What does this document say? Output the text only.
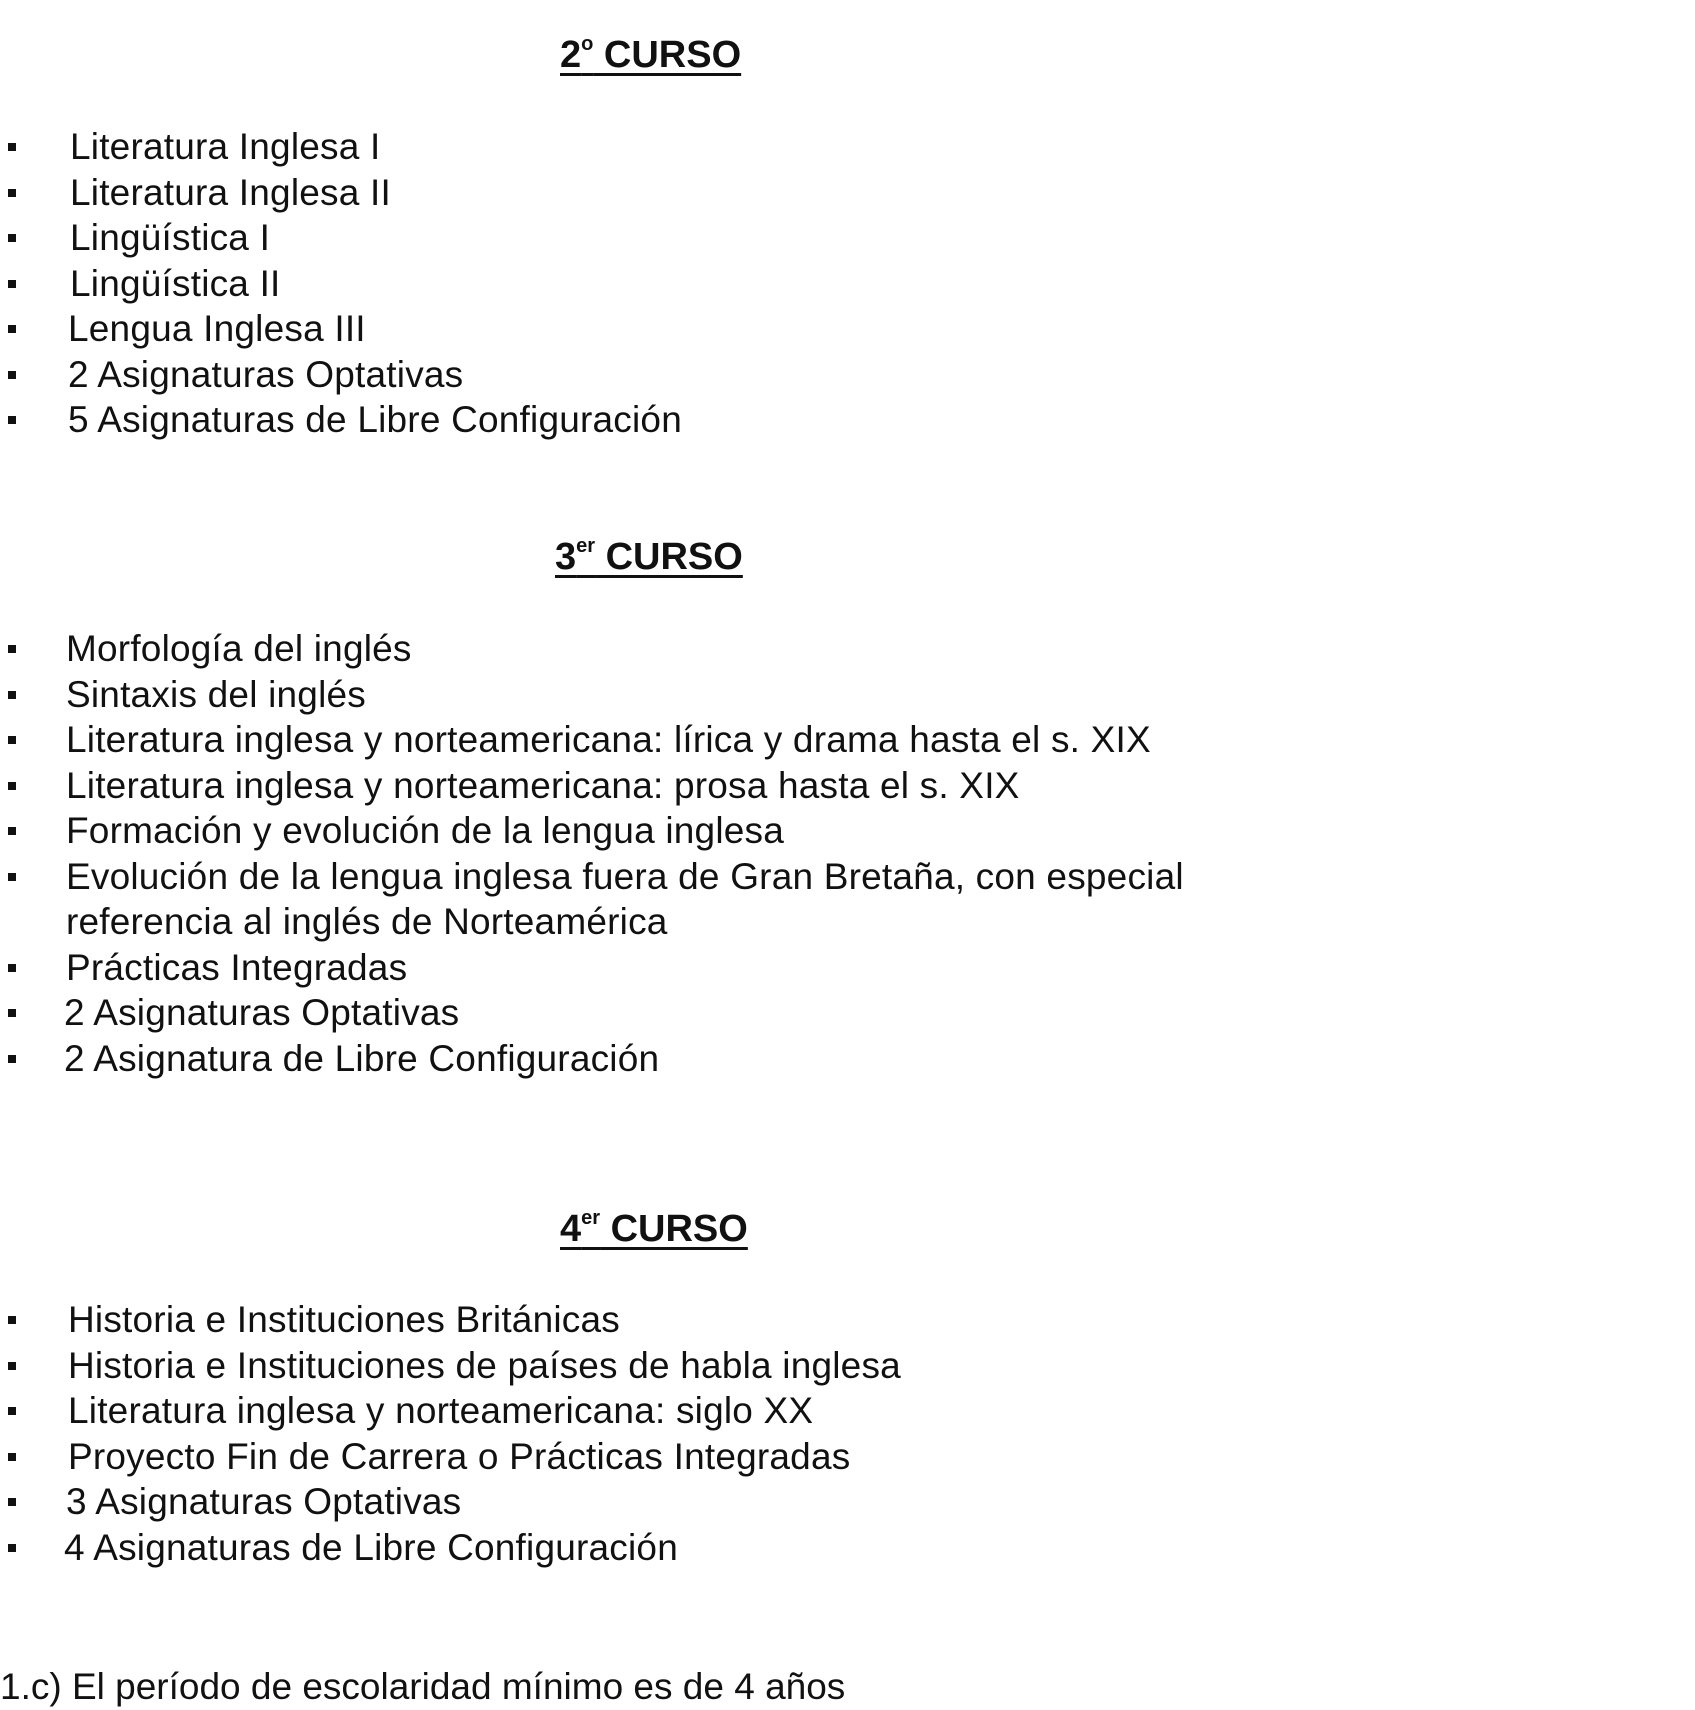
2$^o$ CURSO
Literatura Inglesa I
Literatura Inglesa II
Lingüística I
Lingüística II
Lengua Inglesa III
2 Asignaturas Optativas
5 Asignaturas de Libre Configuración
3er CURSO
Morfología del inglés
Sintaxis del inglés
Literatura inglesa y norteamericana: lírica y drama hasta el s. XIX
Literatura inglesa y norteamericana: prosa hasta el s. XIX
Formación y evolución de la lengua inglesa
Evolución de la lengua inglesa fuera de Gran Bretaña, con especial referencia al inglés de Norteamérica
Prácticas Integradas
2 Asignaturas Optativas
2 Asignatura de Libre Configuración
4er CURSO
Historia e Instituciones Británicas
Historia e Instituciones de países de habla inglesa
Literatura inglesa y norteamericana: siglo XX
Proyecto Fin de Carrera o Prácticas Integradas
3 Asignaturas Optativas
4 Asignaturas de Libre Configuración
1.c) El período de escolaridad mínimo es de 4 años
